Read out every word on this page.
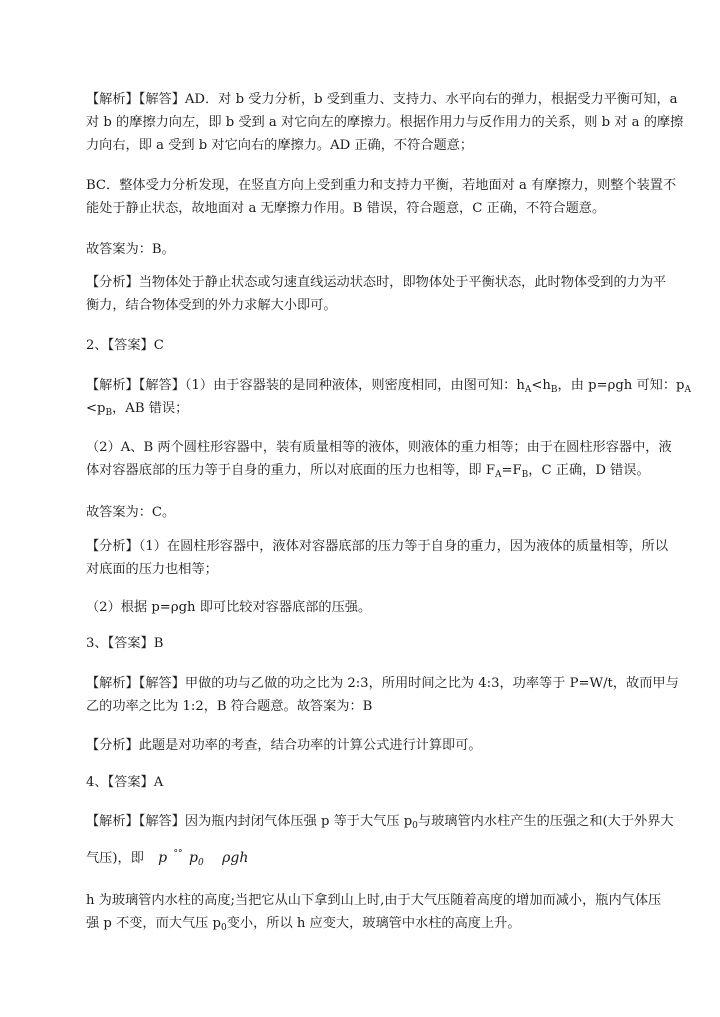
【解析】【解答】AD．对 b 受力分析，b 受到重力、支持力、水平向右的弹力，根据受力平衡可知，a
对 b 的摩擦力向左，即 b 受到 a 对它向左的摩擦力。根据作用力与反作用力的关系，则 b 对 a 的摩擦
力向右，即 a 受到 b 对它向右的摩擦力。AD 正确，不符合题意；
BC．整体受力分析发现，在竖直方向上受到重力和支持力平衡，若地面对 a 有摩擦力，则整个装置不
能处于静止状态，故地面对 a 无摩擦力作用。B 错误，符合题意，C 正确，不符合题意。
故答案为：B。
【分析】当物体处于静止状态或匀速直线运动状态时，即物体处于平衡状态，此时物体受到的力为平
衡力，结合物体受到的外力求解大小即可。
2、【答案】C
【解析】【解答】（1）由于容器装的是同种液体，则密度相同，由图可知：$h_A<h_B$，由 p=ρgh 可知：$p_A$
$<p_B$，AB 错误；
（2）A、B 两个圆柱形容器中，装有质量相等的液体，则液体的重力相等；由于在圆柱形容器中，液
体对容器底部的压力等于自身的重力，所以对底面的压力也相等，即 $F_A=F_B$，C 正确，D 错误。
故答案为：C。
【分析】（1）在圆柱形容器中，液体对容器底部的压力等于自身的重力，因为液体的质量相等，所以
对底面的压力也相等；
（2）根据 p=ρgh 即可比较对容器底部的压强。
3、【答案】B
【解析】【解答】甲做的功与乙做的功之比为 2:3，所用时间之比为 4:3，功率等于 P=W/t，故而甲与
乙的功率之比为 1:2，B 符合题意。故答案为：B
【分析】此题是对功率的考查，结合功率的计算公式进行计算即可。
4、【答案】A
【解析】【解答】因为瓶内封闭气体压强 p 等于大气压 $p_0$与玻璃管内水柱产生的压强之和(大于外界大
气压)，即 p °° $p_0$ ρgh
h 为玻璃管内水柱的高度;当把它从山下拿到山上时,由于大气压随着高度的增加而减小，瓶内气体压
强 p 不变，而大气压 $p_0$变小，所以 h 应变大，玻璃管中水柱的高度上升。
